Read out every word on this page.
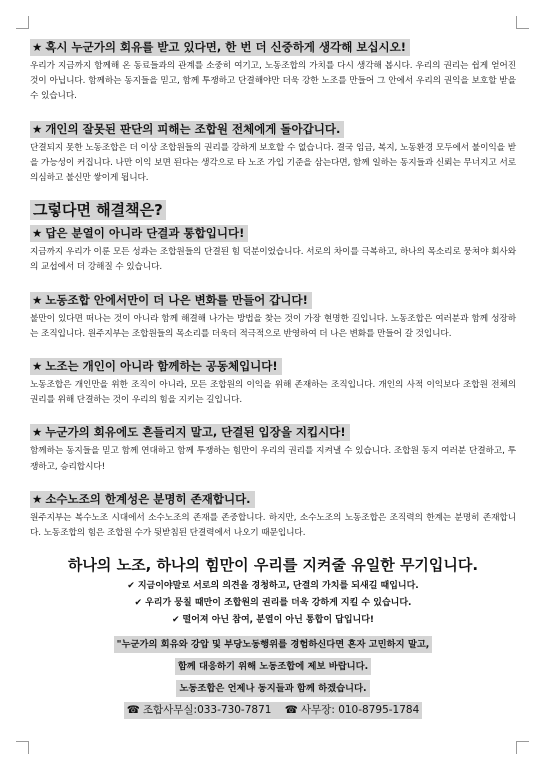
★ 혹시 누군가의 회유를 받고 있다면, 한 번 더 신중하게 생각해 보십시오!
우리가 지금까지 함께해 온 동료들과의 관계를 소중히 여기고, 노동조합의 가치를 다시 생각해 봅시다. 우리의 권리는 쉽게 얻어진 것이 아닙니다. 함께하는 동지들을 믿고, 함께 투쟁하고 단결해야만 더욱 강한 노조를 만들어 그 안에서 우리의 권익을 보호할 받을 수 있습니다.
★ 개인의 잘못된 판단의 피해는 조합원 전체에게 돌아갑니다.
단결되지 못한 노동조합은 더 이상 조합원들의 권리를 강하게 보호할 수 없습니다. 결국 임금, 복지, 노동환경 모두에서 불이익을 받을 가능성이 커집니다. 나만 이익 보면 된다는 생각으로 타 노조 가입 기준을 삼는다면, 함께 일하는 동지들과 신뢰는 무너지고 서로 의심하고 불신만 쌓이게 됩니다.
그렇다면 해결책은?
★ 답은 분열이 아니라 단결과 통합입니다!
지금까지 우리가 이룬 모든 성과는 조합원들의 단결된 힘 덕분이었습니다. 서로의 차이를 극복하고, 하나의 목소리로 뭉쳐야 회사와의 교섭에서 더 강해질 수 있습니다.
★ 노동조합 안에서만이 더 나은 변화를 만들어 갑니다!
불만이 있다면 떠나는 것이 아니라 함께 해결해 나가는 방법을 찾는 것이 가장 현명한 길입니다. 노동조합은 여러분과 함께 성장하는 조직입니다. 원주지부는 조합원들의 목소리를 더욱더 적극적으로 반영하여 더 나은 변화를 만들어 갈 것입니다.
★ 노조는 개인이 아니라 함께하는 공동체입니다!
노동조합은 개인만을 위한 조직이 아니라, 모든 조합원의 이익을 위해 존재하는 조직입니다. 개인의 사적 이익보다 조합원 전체의 권리를 위해 단결하는 것이 우리의 힘을 지키는 길입니다.
★ 누군가의 회유에도 흔들리지 말고, 단결된 입장을 지킵시다!
함께하는 동지들을 믿고 함께 연대하고 함께 투쟁하는 힘만이 우리의 권리를 지켜낼 수 있습니다. 조합원 동지 여러분 단결하고, 투쟁하고, 승리합시다!
★ 소수노조의 한계성은 분명히 존재합니다.
원주지부는 복수노조 시대에서 소수노조의 존재를 존중합니다. 하지만, 소수노조의 노동조합은 조직력의 한계는 분명히 존재합니다. 노동조합의 힘은 조합원 수가 뒷받침된 단결력에서 나오기 때문입니다.
하나의 노조, 하나의 힘만이 우리를 지켜줄 유일한 무기입니다.
✔ 지금이야말로 서로의 의견을 경청하고, 단결의 가치를 되새길 때입니다.
✔ 우리가 뭉칠 때만이 조합원의 권리를 더욱 강하게 지킬 수 있습니다.
✔ 떨어져 아닌 참여, 분열이 아닌 통합이 답입니다!
"누군가의 회유와 강압 및 부당노동행위를 경험하신다면 혼자 고민하지 말고,
함께 대응하기 위해 노동조합에 제보 바랍니다.
노동조합은 언제나 동지들과 함께 하겠습니다.
☎ 조합사무실:033-730-7871 ☎ 사무장: 010-8795-1784
